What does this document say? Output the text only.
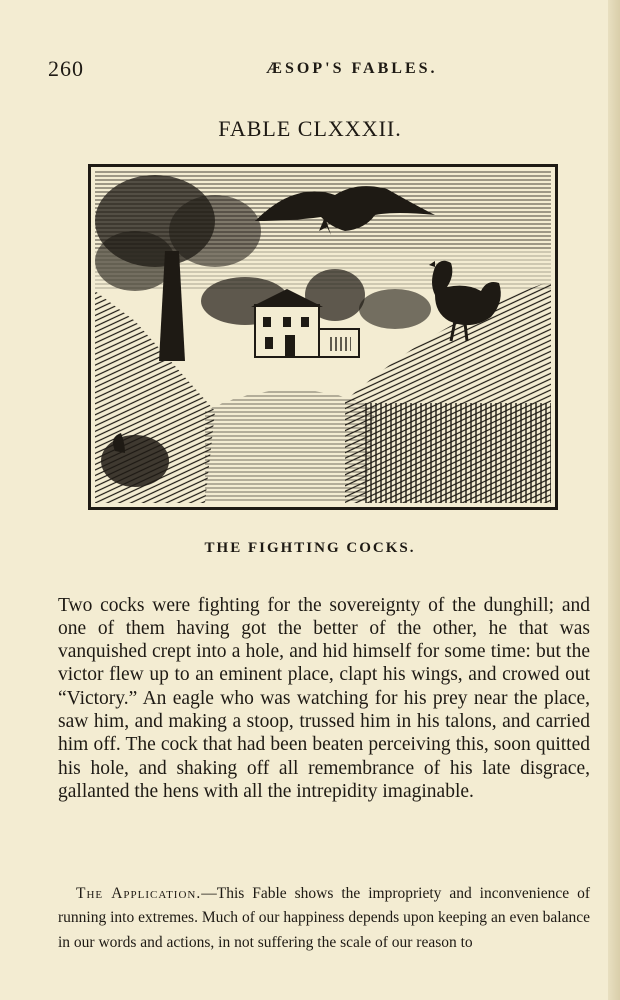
260	ÆSOP'S FABLES.
FABLE CLXXXII.
THE FIGHTING COCKS.

Two cocks were fighting for the sovereignty of the dunghill; and one of them having got the better of the other, he that was vanquished crept into a hole, and hid himself for some time: but the victor flew up to an eminent place, clapt his wings, and crowed out “Victory.” An eagle who was watching for his prey near the place, saw him, and making a stoop, trussed him in his talons, and carried him off. The cock that had been beaten perceiving this, soon quitted his hole, and shaking off all remembrance of his late disgrace, gallanted the hens with all the intrepidity imaginable.

The Application.—This Fable shows the impropriety and inconvenience of running into extremes. Much of our happiness depends upon keeping an even balance in our words and actions, in not suffering the scale of our reason to
